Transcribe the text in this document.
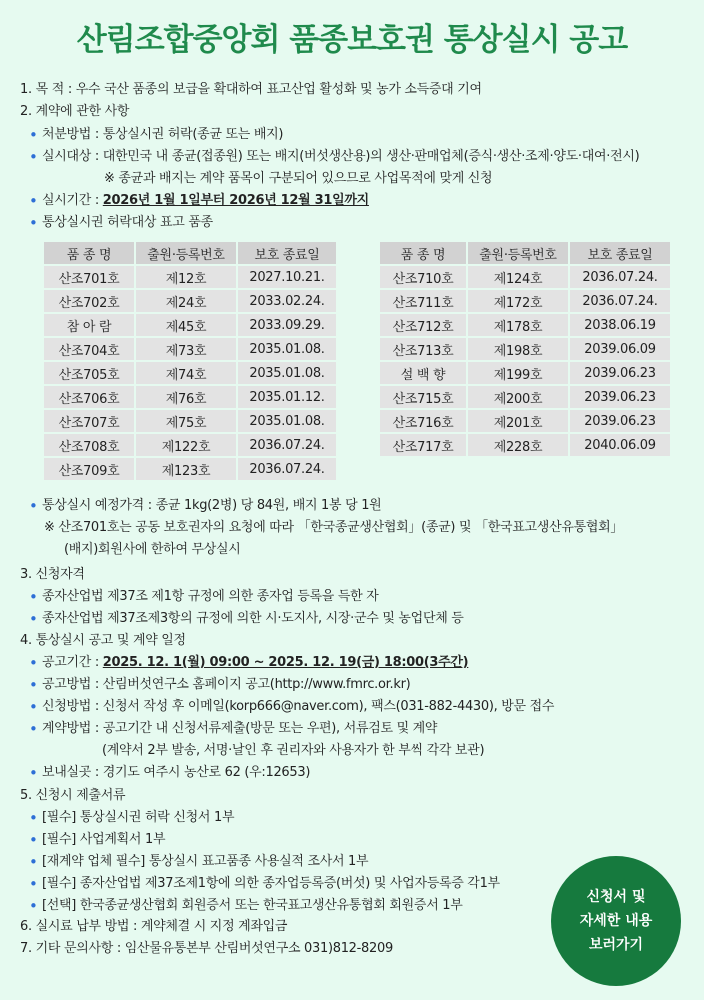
산림조합중앙회 품종보호권 통상실시 공고
1. 목 적 : 우수 국산 품종의 보급을 확대하여 표고산업 활성화 및 농가 소득증대 기여
2. 계약에 관한 사항
• 처분방법 : 통상실시권 허락(종균 또는 배지)
• 실시대상 : 대한민국 내 종균(접종원) 또는 배지(버섯생산용)의 생산·판매업체(증식·생산·조제·양도·대여·전시)
※ 종균과 배지는 계약 품목이 구분되어 있으므로 사업목적에 맞게 신청
• 실시기간 : 2026년 1월 1일부터 2026년 12월 31일까지
• 통상실시권 허락대상 표고 품종
품 종 명	출원·등록번호	보호 종료일
산조701호	제12호	2027.10.21.
산조702호	제24호	2033.02.24.
참 아 람	제45호	2033.09.29.
산조704호	제73호	2035.01.08.
산조705호	제74호	2035.01.08.
산조706호	제76호	2035.01.12.
산조707호	제75호	2035.01.08.
산조708호	제122호	2036.07.24.
산조709호	제123호	2036.07.24.
품 종 명	출원·등록번호	보호 종료일
산조710호	제124호	2036.07.24.
산조711호	제172호	2036.07.24.
산조712호	제178호	2038.06.19
산조713호	제198호	2039.06.09
설 백 향	제199호	2039.06.23
산조715호	제200호	2039.06.23
산조716호	제201호	2039.06.23
산조717호	제228호	2040.06.09
• 통상실시 예정가격 : 종균 1kg(2병) 당 84원, 배지 1봉 당 1원
※ 산조701호는 공동 보호권자의 요청에 따라 「한국종균생산협회」(종균) 및 「한국표고생산유통협회」
(배지)회원사에 한하여 무상실시
3. 신청자격
• 종자산업법 제37조 제1항 규정에 의한 종자업 등록을 득한 자
• 종자산업법 제37조제3항의 규정에 의한 시·도지사, 시장·군수 및 농업단체 등
4. 통상실시 공고 및 계약 일정
• 공고기간 : 2025. 12. 1(월) 09:00 ~ 2025. 12. 19(금) 18:00(3주간)
• 공고방법 : 산림버섯연구소 홈페이지 공고(http://www.fmrc.or.kr)
• 신청방법 : 신청서 작성 후 이메일(korp666@naver.com), 팩스(031-882-4430), 방문 접수
• 계약방법 : 공고기간 내 신청서류제출(방문 또는 우편), 서류검토 및 계약
(계약서 2부 발송, 서명·날인 후 권리자와 사용자가 한 부씩 각각 보관)
• 보내실곳 : 경기도 여주시 농산로 62 (우:12653)
5. 신청시 제출서류
• [필수] 통상실시권 허락 신청서 1부
• [필수] 사업계획서 1부
• [재계약 업체 필수] 통상실시 표고품종 사용실적 조사서 1부
• [필수] 종자산업법 제37조제1항에 의한 종자업등록증(버섯) 및 사업자등록증 각1부
• [선택] 한국종균생산협회 회원증서 또는 한국표고생산유통협회 회원증서 1부
6. 실시료 납부 방법 : 계약체결 시 지정 계좌입금
7. 기타 문의사항 : 임산물유통본부 산림버섯연구소 031)812-8209
신청서 및
자세한 내용
보러가기
